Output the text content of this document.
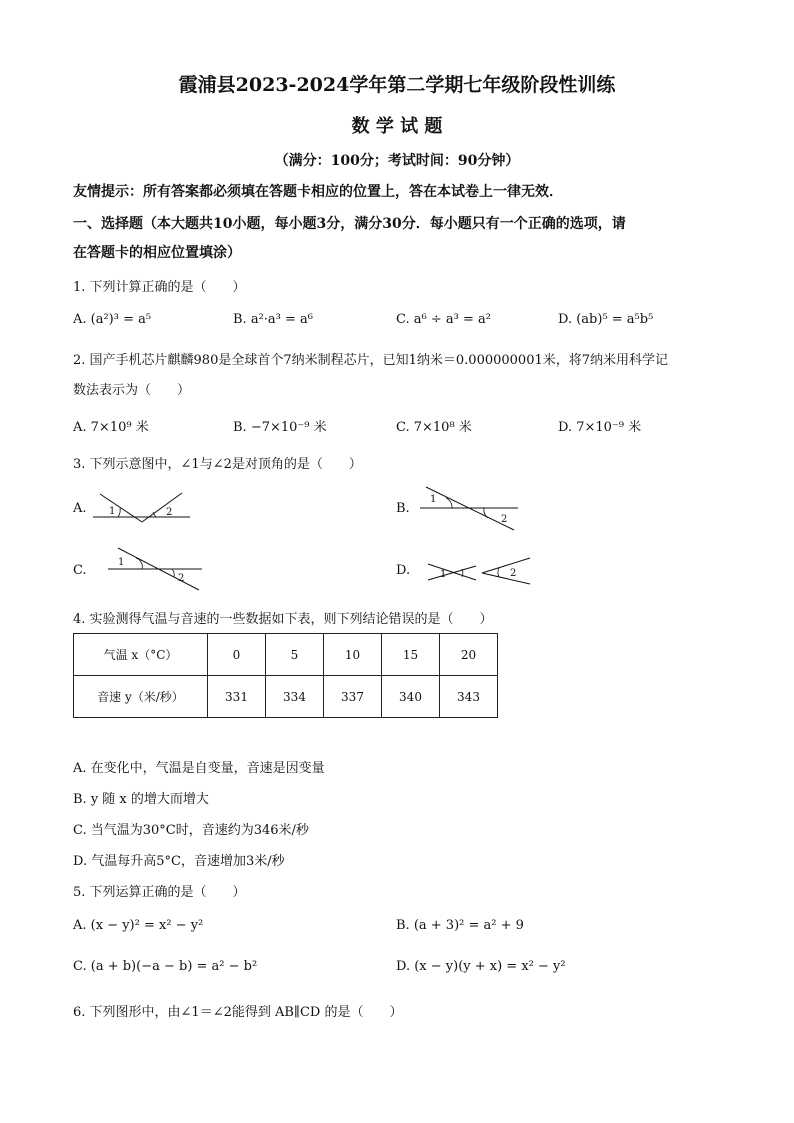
霞浦县2023-2024学年第二学期七年级阶段性训练
数 学 试 题
（满分：100分；考试时间：90分钟）
友情提示：所有答案都必须填在答题卡相应的位置上，答在本试卷上一律无效．
一、选择题（本大题共10小题，每小题3分，满分30分．每小题只有一个正确的选项，请
在答题卡的相应位置填涂）
1. 下列计算正确的是（　　）
A. (a²)³ = a⁵	B. a²·a³ = a⁶	C. a⁶ ÷ a³ = a²	D. (ab)⁵ = a⁵b⁵
2. 国产手机芯片麒麟980是全球首个7纳米制程芯片，已知1纳米＝0.000000001米，将7纳米用科学记
数法表示为（　　）
A. 7×10⁹ 米	B. −7×10⁻⁹ 米	C. 7×10⁸ 米	D. 7×10⁻⁹ 米
3. 下列示意图中，∠1与∠2是对顶角的是（　　）
A. 1	2	B.
1
2
C.
1
2
D.	1	2
4. 实验测得气温与音速的一些数据如下表，则下列结论错误的是（　　）
气温 x（°C）	0	5	10	15	20
音速 y（米/秒）	331	334	337	340	343
A. 在变化中，气温是自变量，音速是因变量
B. y 随 x 的增大而增大
C. 当气温为30°C时，音速约为346米/秒
D. 气温每升高5°C，音速增加3米/秒
5. 下列运算正确的是（　　）
A. (x − y)² = x² − y²	B. (a + 3)² = a² + 9
C. (a + b)(−a − b) = a² − b²	D. (x − y)(y + x) = x² − y²
6. 下列图形中，由∠1＝∠2能得到 AB∥CD 的是（　　）
